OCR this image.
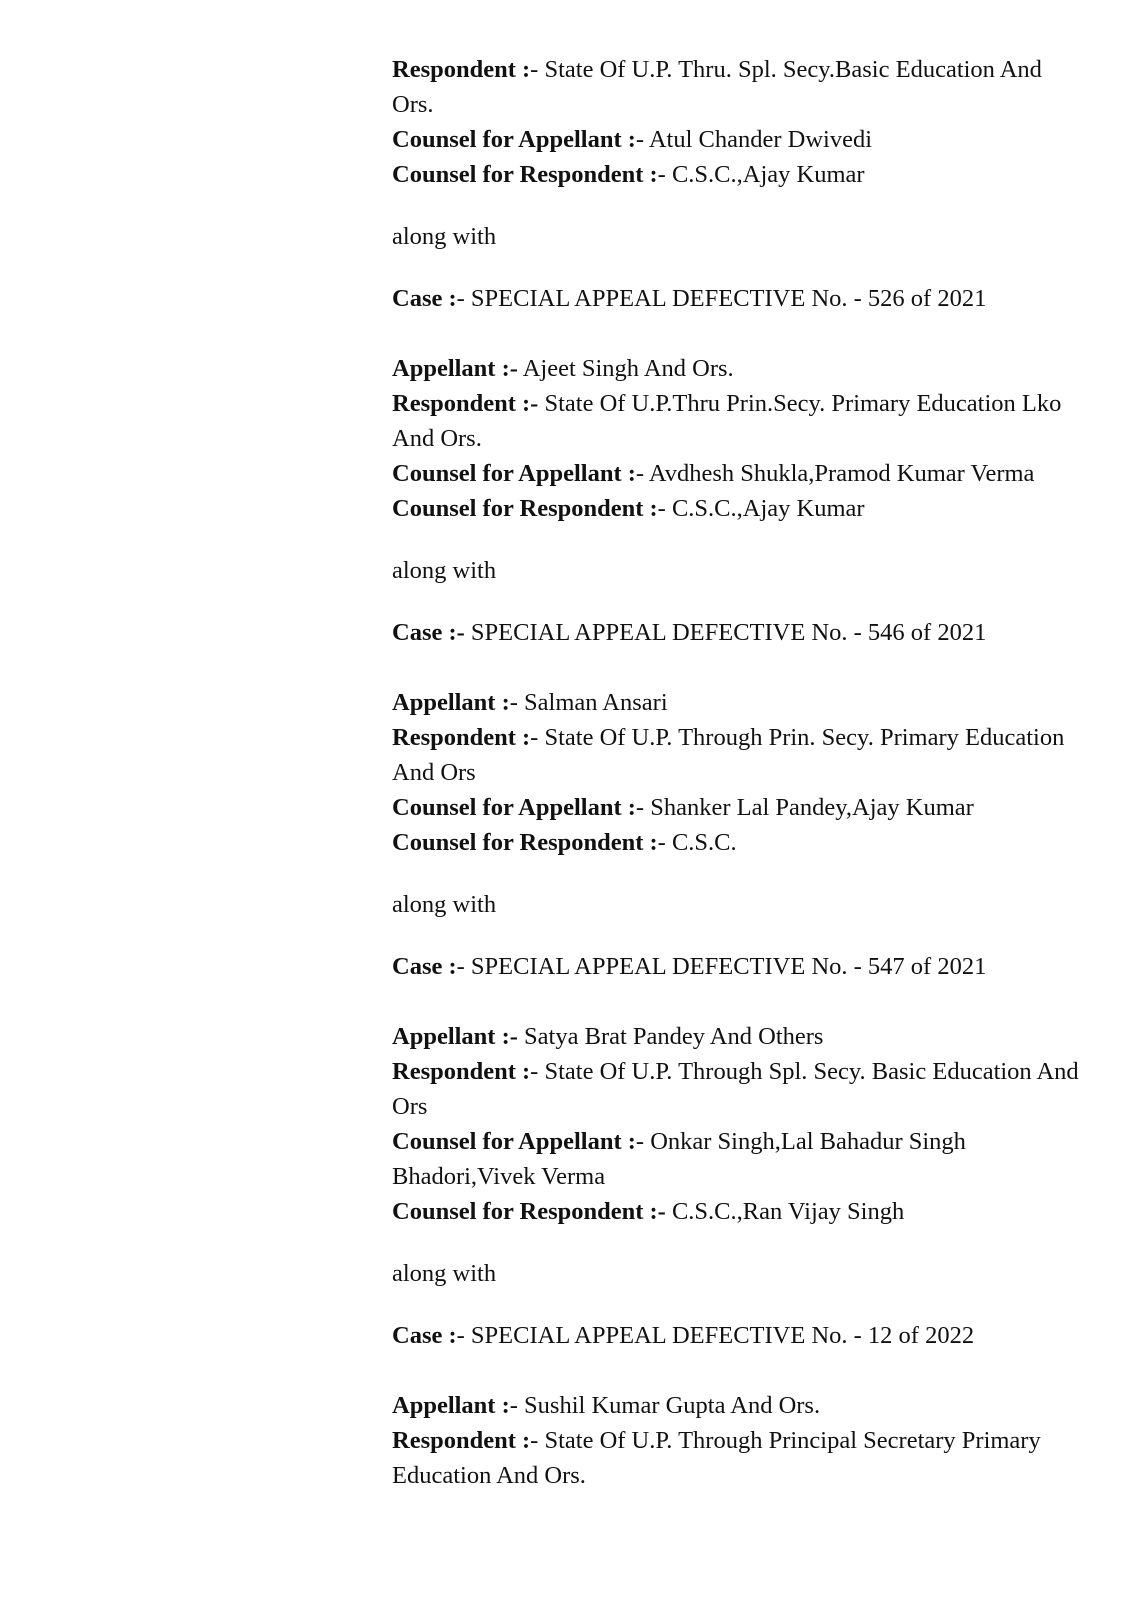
Respondent :- State Of U.P. Thru. Spl. Secy.Basic Education And Ors.

Counsel for Appellant :- Atul Chander Dwivedi

Counsel for Respondent :- C.S.C.,Ajay Kumar

along with

Case :- SPECIAL APPEAL DEFECTIVE No. - 526 of 2021

Appellant :- Ajeet Singh And Ors.

Respondent :- State Of U.P.Thru Prin.Secy. Primary Education Lko And Ors.

Counsel for Appellant :- Avdhesh Shukla,Pramod Kumar Verma

Counsel for Respondent :- C.S.C.,Ajay Kumar

along with

Case :- SPECIAL APPEAL DEFECTIVE No. - 546 of 2021

Appellant :- Salman Ansari

Respondent :- State Of U.P. Through Prin. Secy. Primary Education And Ors

Counsel for Appellant :- Shanker Lal Pandey,Ajay Kumar

Counsel for Respondent :- C.S.C.

along with

Case :- SPECIAL APPEAL DEFECTIVE No. - 547 of 2021

Appellant :- Satya Brat Pandey And Others

Respondent :- State Of U.P. Through Spl. Secy. Basic Education And Ors

Counsel for Appellant :- Onkar Singh,Lal Bahadur Singh Bhadori,Vivek Verma

Counsel for Respondent :- C.S.C.,Ran Vijay Singh

along with

Case :- SPECIAL APPEAL DEFECTIVE No. - 12 of 2022

Appellant :- Sushil Kumar Gupta And Ors.

Respondent :- State Of U.P. Through Principal Secretary Primary Education And Ors.
